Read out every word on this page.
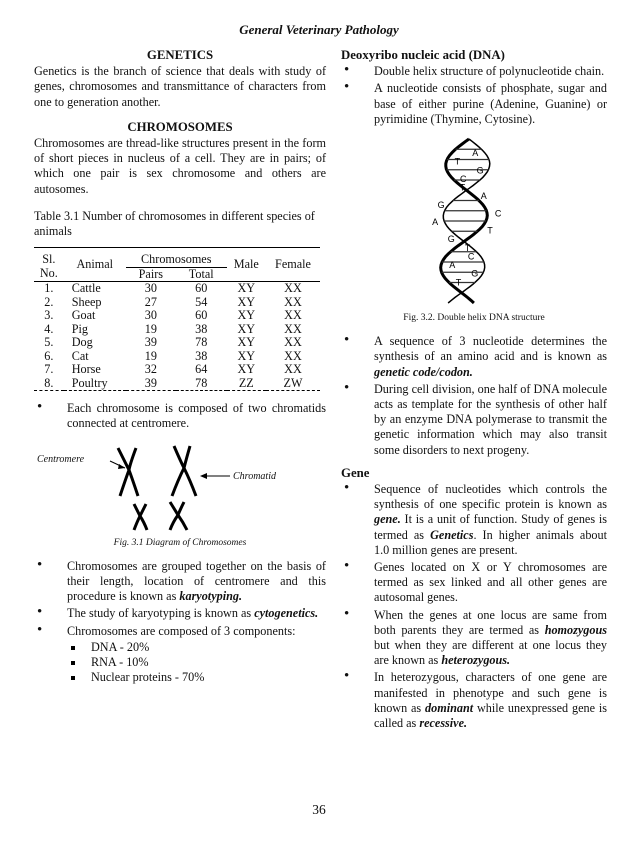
General Veterinary Pathology
GENETICS

Genetics is the branch of science that deals with study of genes, chromosomes and transmittance of characters from one to generation another.

CHROMOSOMES

Chromosomes are thread-like structures present in the form of short pieces in nucleus of a cell. They are in pairs; of which one pair is sex chromosome and others are autosomes.

Table 3.1 Number of chromosomes in different species of animals

Sl.	Animal	Chromosomes		Male	Female
No.		Pairs	Total		
1.	Cattle	30	60	XY	XX
2.	Sheep	27	54	XY	XX
3.	Goat	30	60	XY	XX
4.	Pig	19	38	XY	XX
5.	Dog	39	78	XY	XX
6.	Cat	19	38	XY	XX
7.	Horse	32	64	XY	XX
8.	Poultry	39	78	ZZ	ZW
• Each chromosome is composed of two chromatids connected at centromere.
Centromere
Chromatid
Fig. 3.1 Diagram of Chromosomes
• Chromosomes are grouped together on the basis of their length, location of centromere and this procedure is known as karyotyping.
• The study of karyotyping is known as cytogenetics.
• Chromosomes are composed of 3 components:
DNA - 20%
RNA - 10%
Nuclear proteins - 70%
Deoxyribo nucleic acid (DNA)
• Double helix structure of polynucleotide chain.
• A nucleotide consists of phosphate, sugar and base of either purine (Adenine, Guanine) or pyrimidine (Thymine, Cytosine).
A
T
G
C
T
A
G
C
A
T
G
T
C
A
G
T
Fig. 3.2. Double helix DNA structure
• A sequence of 3 nucleotide determines the synthesis of an amino acid and is known as genetic code/codon.
• During cell division, one half of DNA molecule acts as template for the synthesis of other half by an enzyme DNA polymerase to transmit the genetic information which may also transit some disorders to next progeny.
Gene
• Sequence of nucleotides which controls the synthesis of one specific protein is known as gene. It is a unit of function. Study of genes is termed as Genetics. In higher animals about 1.0 million genes are present.
• Genes located on X or Y chromosomes are termed as sex linked and all other genes are autosomal genes.
• When the genes at one locus are same from both parents they are termed as homozygous but when they are different at one locus they are known as heterozygous.
• In heterozygous, characters of one gene are manifested in phenotype and such gene is known as dominant while unexpressed gene is called as recessive.
36
